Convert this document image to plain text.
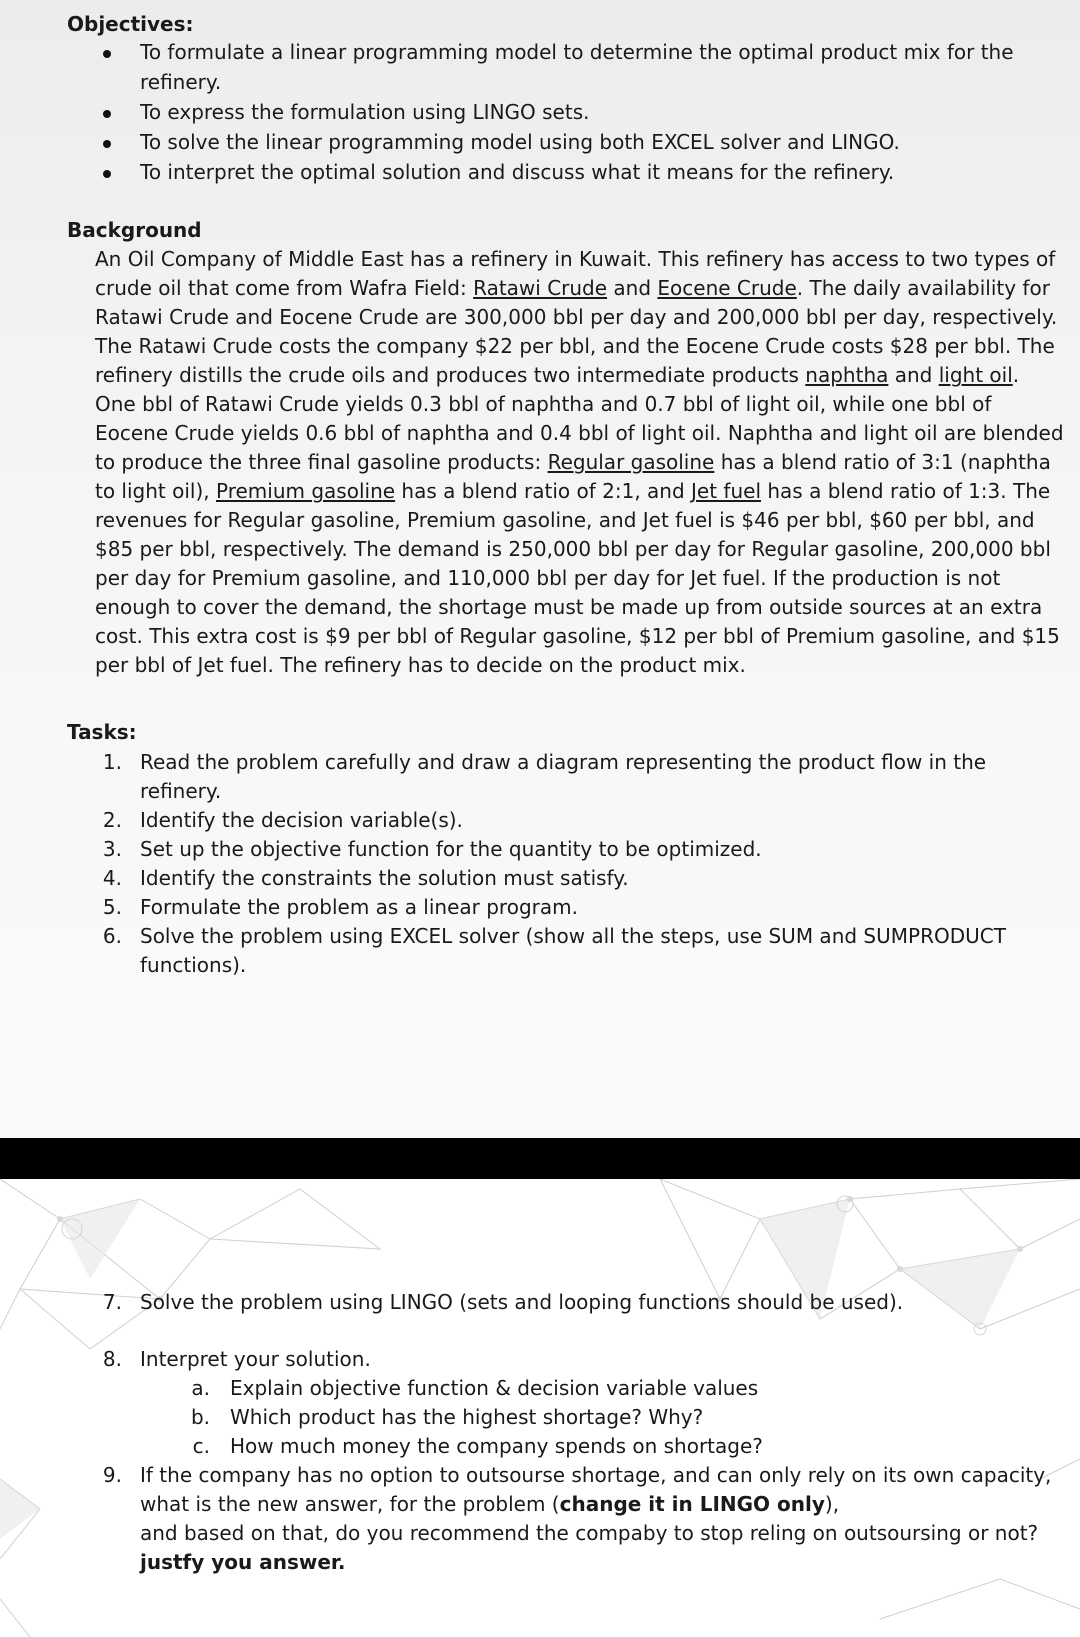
Objectives:
To formulate a linear programming model to determine the optimal product mix for the
refinery.
To express the formulation using LINGO sets.
To solve the linear programming model using both EXCEL solver and LINGO.
To interpret the optimal solution and discuss what it means for the refinery.
Background
An Oil Company of Middle East has a refinery in Kuwait. This refinery has access to two types of
crude oil that come from Wafra Field: Ratawi Crude and Eocene Crude. The daily availability for
Ratawi Crude and Eocene Crude are 300,000 bbl per day and 200,000 bbl per day, respectively.
The Ratawi Crude costs the company $22 per bbl, and the Eocene Crude costs $28 per bbl. The
refinery distills the crude oils and produces two intermediate products naphtha and light oil.
One bbl of Ratawi Crude yields 0.3 bbl of naphtha and 0.7 bbl of light oil, while one bbl of
Eocene Crude yields 0.6 bbl of naphtha and 0.4 bbl of light oil. Naphtha and light oil are blended
to produce the three final gasoline products: Regular gasoline has a blend ratio of 3:1 (naphtha
to light oil), Premium gasoline has a blend ratio of 2:1, and Jet fuel has a blend ratio of 1:3. The
revenues for Regular gasoline, Premium gasoline, and Jet fuel is $46 per bbl, $60 per bbl, and
$85 per bbl, respectively. The demand is 250,000 bbl per day for Regular gasoline, 200,000 bbl
per day for Premium gasoline, and 110,000 bbl per day for Jet fuel. If the production is not
enough to cover the demand, the shortage must be made up from outside sources at an extra
cost. This extra cost is $9 per bbl of Regular gasoline, $12 per bbl of Premium gasoline, and $15
per bbl of Jet fuel. The refinery has to decide on the product mix.
Tasks:
1. Read the problem carefully and draw a diagram representing the product flow in the
refinery.
2. Identify the decision variable(s).
3. Set up the objective function for the quantity to be optimized.
4. Identify the constraints the solution must satisfy.
5. Formulate the problem as a linear program.
6. Solve the problem using EXCEL solver (show all the steps, use SUM and SUMPRODUCT
functions).
7. Solve the problem using LINGO (sets and looping functions should be used).
8. Interpret your solution.
a. Explain objective function & decision variable values
b. Which product has the highest shortage? Why?
c. How much money the company spends on shortage?
9. If the company has no option to outsourse shortage, and can only rely on its own capacity,
what is the new answer, for the problem (change it in LINGO only),
and based on that, do you recommend the compaby to stop reling on outsoursing or not?
justfy you answer.
